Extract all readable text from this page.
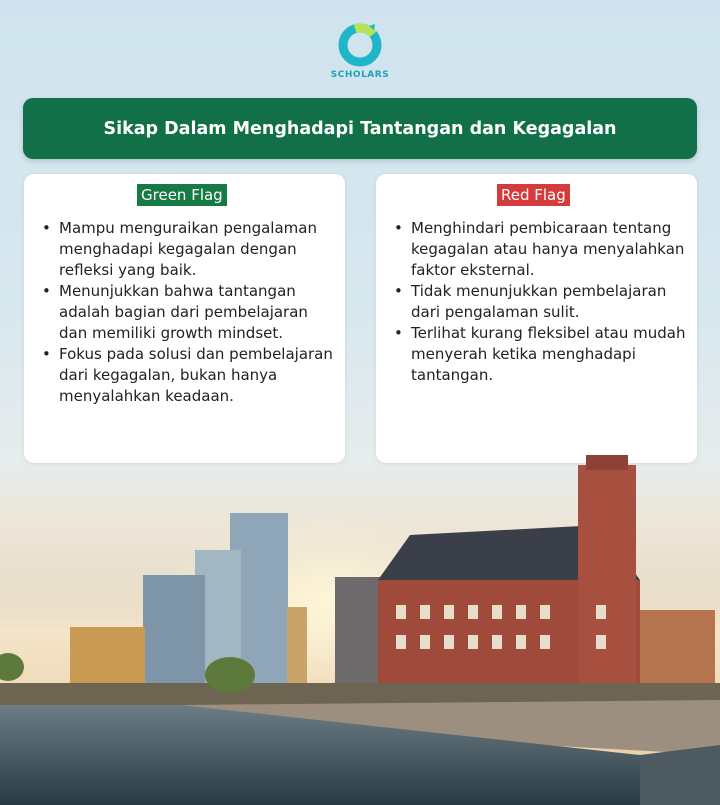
SCHOLARS
Sikap Dalam Menghadapi Tantangan dan Kegagalan
Green Flag
• Mampu menguraikan pengalaman menghadapi kegagalan dengan refleksi yang baik.
• Menunjukkan bahwa tantangan adalah bagian dari pembelajaran dan memiliki growth mindset.
• Fokus pada solusi dan pembelajaran dari kegagalan, bukan hanya menyalahkan keadaan.
Red Flag
• Menghindari pembicaraan tentang kegagalan atau hanya menyalahkan faktor eksternal.
• Tidak menunjukkan pembelajaran dari pengalaman sulit.
• Terlihat kurang fleksibel atau mudah menyerah ketika menghadapi tantangan.
